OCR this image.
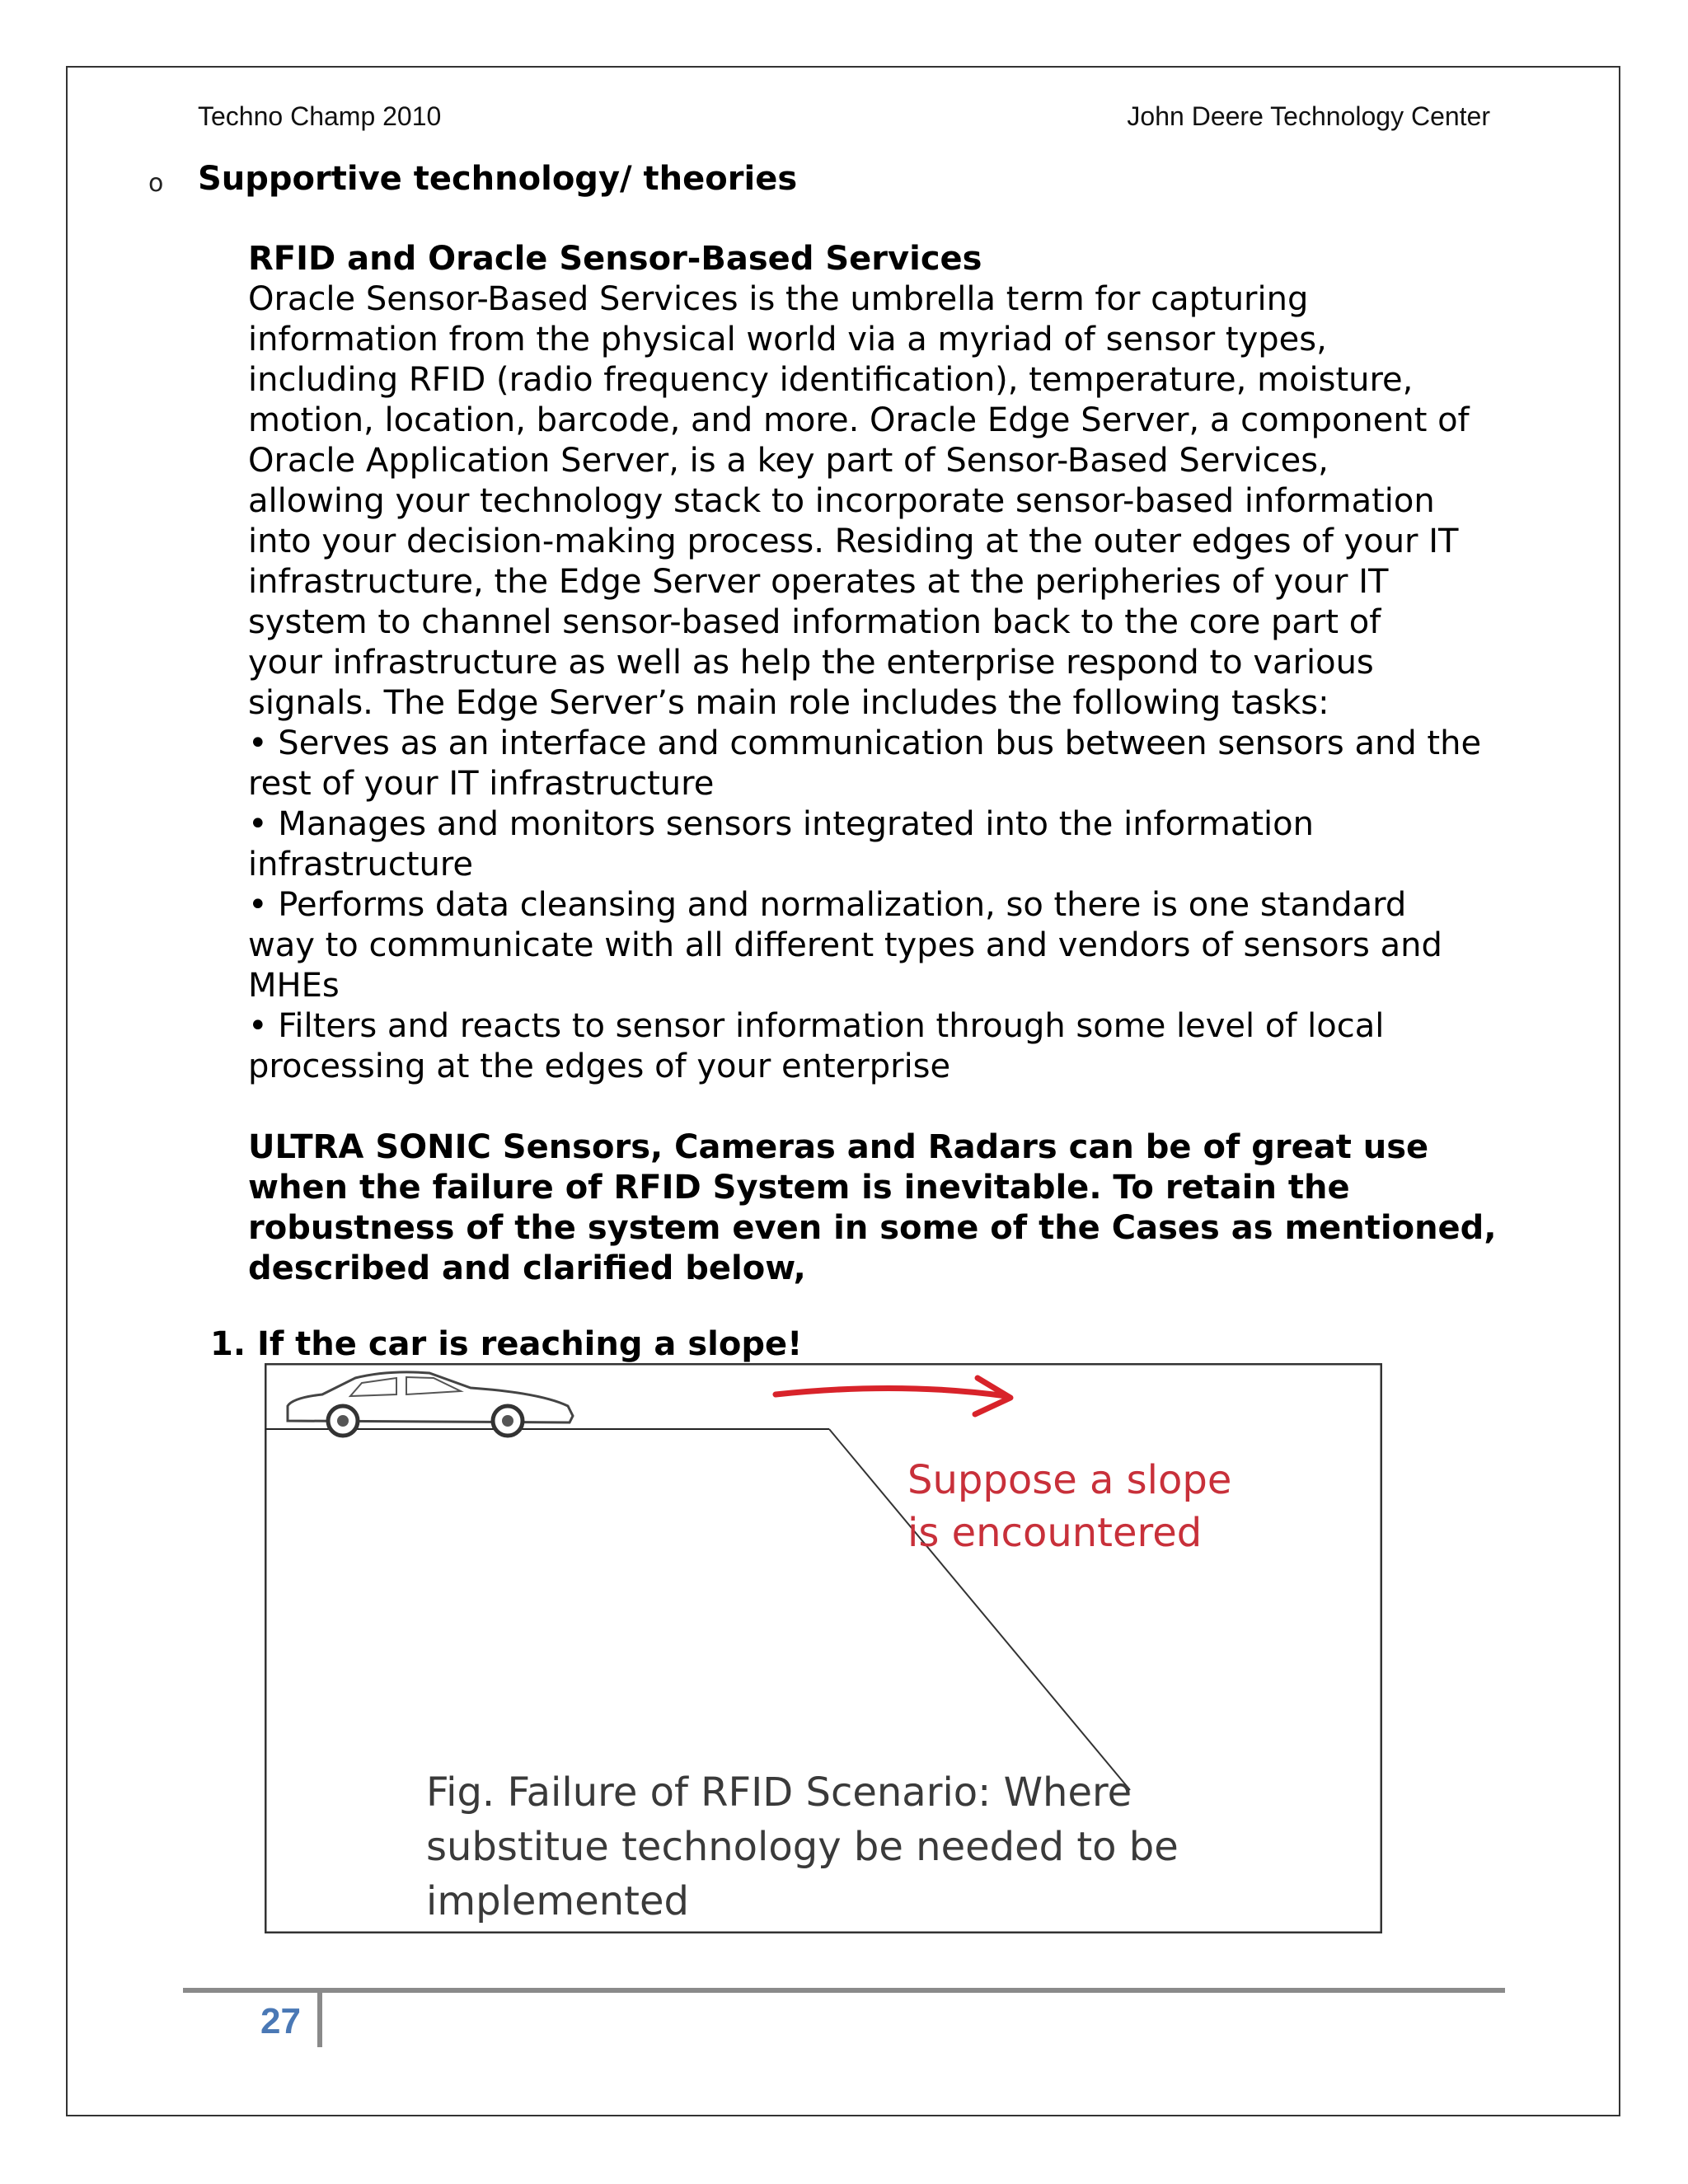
Techno Champ 2010	John Deere Technology Center
o Supportive technology/ theories

RFID and Oracle Sensor-Based Services

Oracle Sensor-Based Services is the umbrella term for capturing

information from the physical world via a myriad of sensor types,

including RFID (radio frequency identification), temperature, moisture,

motion, location, barcode, and more. Oracle Edge Server, a component of

Oracle Application Server, is a key part of Sensor-Based Services,

allowing your technology stack to incorporate sensor-based information

into your decision-making process. Residing at the outer edges of your IT

infrastructure, the Edge Server operates at the peripheries of your IT

system to channel sensor-based information back to the core part of

your infrastructure as well as help the enterprise respond to various

signals. The Edge Server’s main role includes the following tasks:

• Serves as an interface and communication bus between sensors and the

rest of your IT infrastructure

• Manages and monitors sensors integrated into the information

infrastructure

• Performs data cleansing and normalization, so there is one standard

way to communicate with all different types and vendors of sensors and

MHEs

• Filters and reacts to sensor information through some level of local

processing at the edges of your enterprise

ULTRA SONIC Sensors, Cameras and Radars can be of great use

when the failure of RFID System is inevitable. To retain the

robustness of the system even in some of the Cases as mentioned,

described and clarified below,

1. If the car is reaching a slope!
Suppose a slope
is encountered
Fig. Failure of RFID Scenario: Where
substitue technology be needed to be
implemented
27
